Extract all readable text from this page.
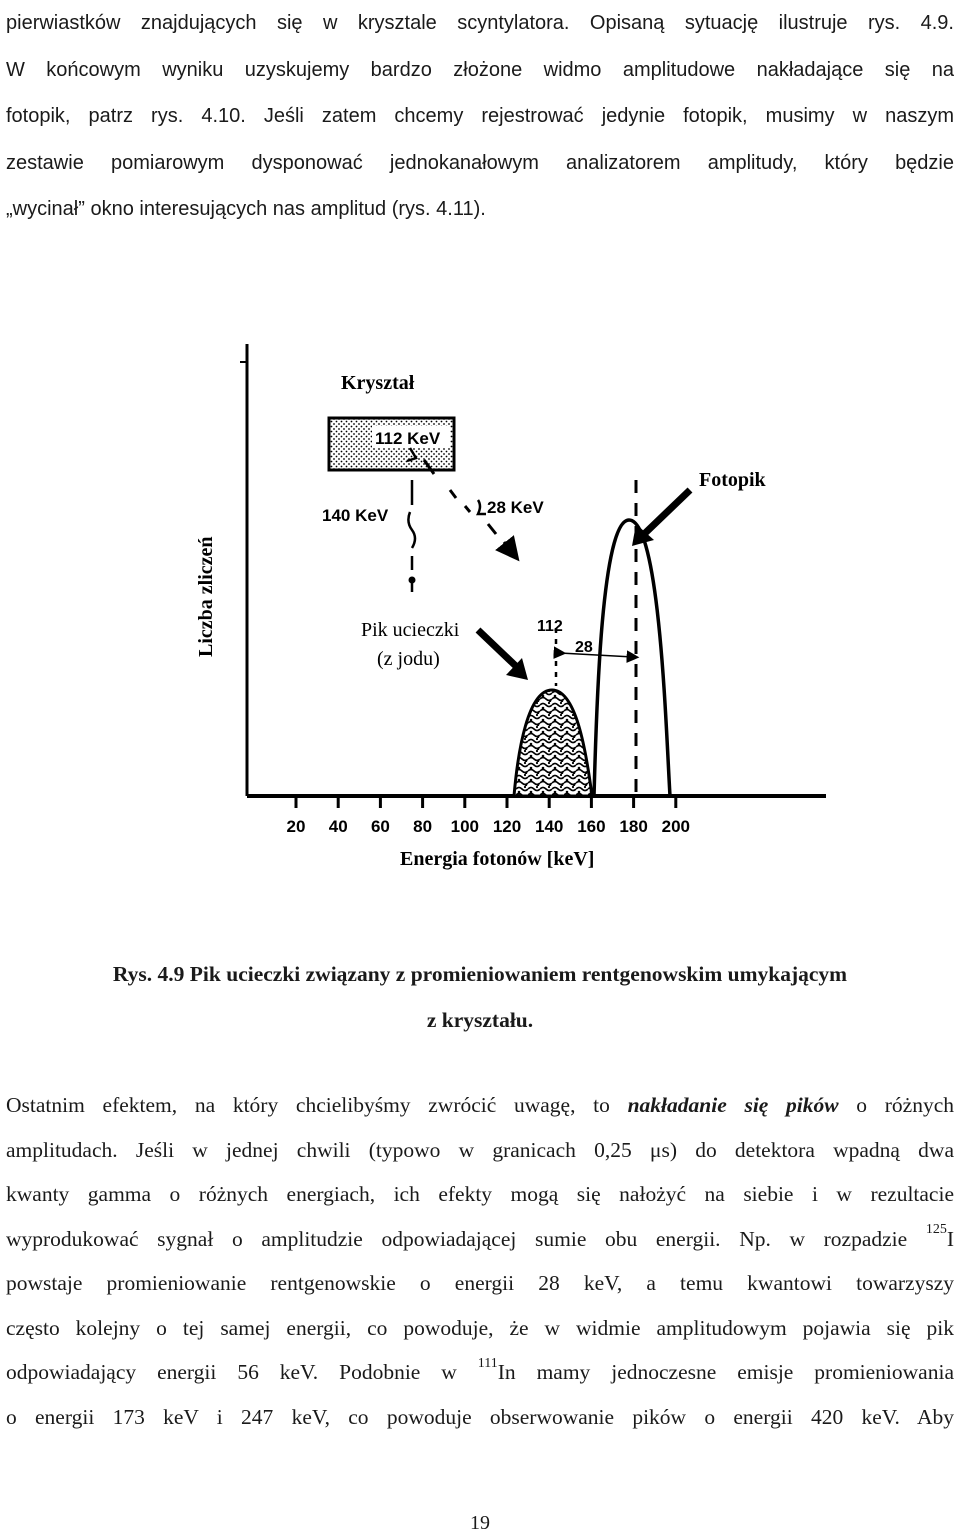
pierwiastków znajdujących się w krysztale scyntylatora. Opisaną sytuację ilustruje rys. 4.9.
W końcowym wyniku uzyskujemy bardzo złożone widmo amplitudowe nakładające się na
fotopik, patrz rys. 4.10. Jeśli zatem chcemy rejestrować jedynie fotopik, musimy w naszym
zestawie pomiarowym dysponować jednokanałowym analizatorem amplitudy, który będzie
„wycinał” okno interesujących nas amplitud (rys. 4.11).
20 40 60 80 100 120 140 160 180 200
112 KeV
Kryształ
140 KeV	28 KeV
112
28
Fotopik
Pik ucieczki
(z jodu)
Liczba zliczeń
Energia fotonów [keV]
Rys. 4.9 Pik ucieczki związany z promieniowaniem rentgenowskim umykającym
z kryształu.
Ostatnim efektem, na który chcielibyśmy zwrócić uwagę, to nakładanie się pików o różnych
amplitudach. Jeśli w jednej chwili (typowo w granicach 0,25 μs) do detektora wpadną dwa
kwanty gamma o różnych energiach, ich efekty mogą się nałożyć na siebie i w rezultacie
wyprodukować sygnał o amplitudzie odpowiadającej sumie obu energii. Np. w rozpadzie $^{125}$I
powstaje promieniowanie rentgenowskie o energii 28 keV, a temu kwantowi towarzyszy
często kolejny o tej samej energii, co powoduje, że w widmie amplitudowym pojawia się pik
odpowiadający energii 56 keV. Podobnie w $^{111}$In mamy jednoczesne emisje promieniowania
o energii 173 keV i 247 keV, co powoduje obserwowanie pików o energii 420 keV. Aby
19
